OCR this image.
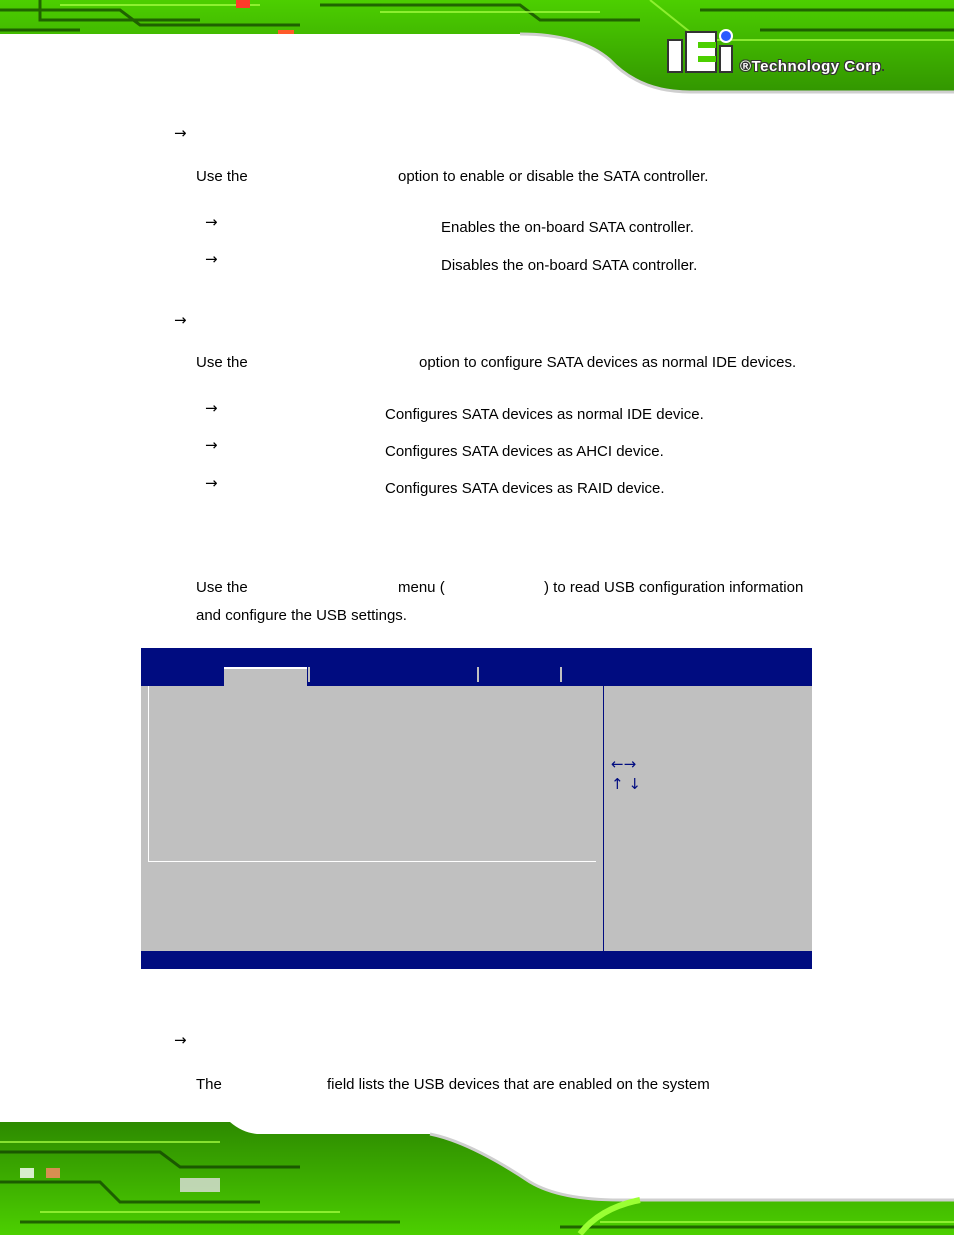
®Technology Corp.
→
Use the	option to enable or disable the SATA controller.
→	Enables the on-board SATA controller.
→	Disables the on-board SATA controller.
→
Use the	option to configure SATA devices as normal IDE devices.
→	Configures SATA devices as normal IDE device.
→	Configures SATA devices as AHCI device.
→	Configures SATA devices as RAID device.
Use the	menu (	) to read USB configuration information
and configure the USB settings.
←→
↑ ↓
→
The	field lists the USB devices that are enabled on the system
